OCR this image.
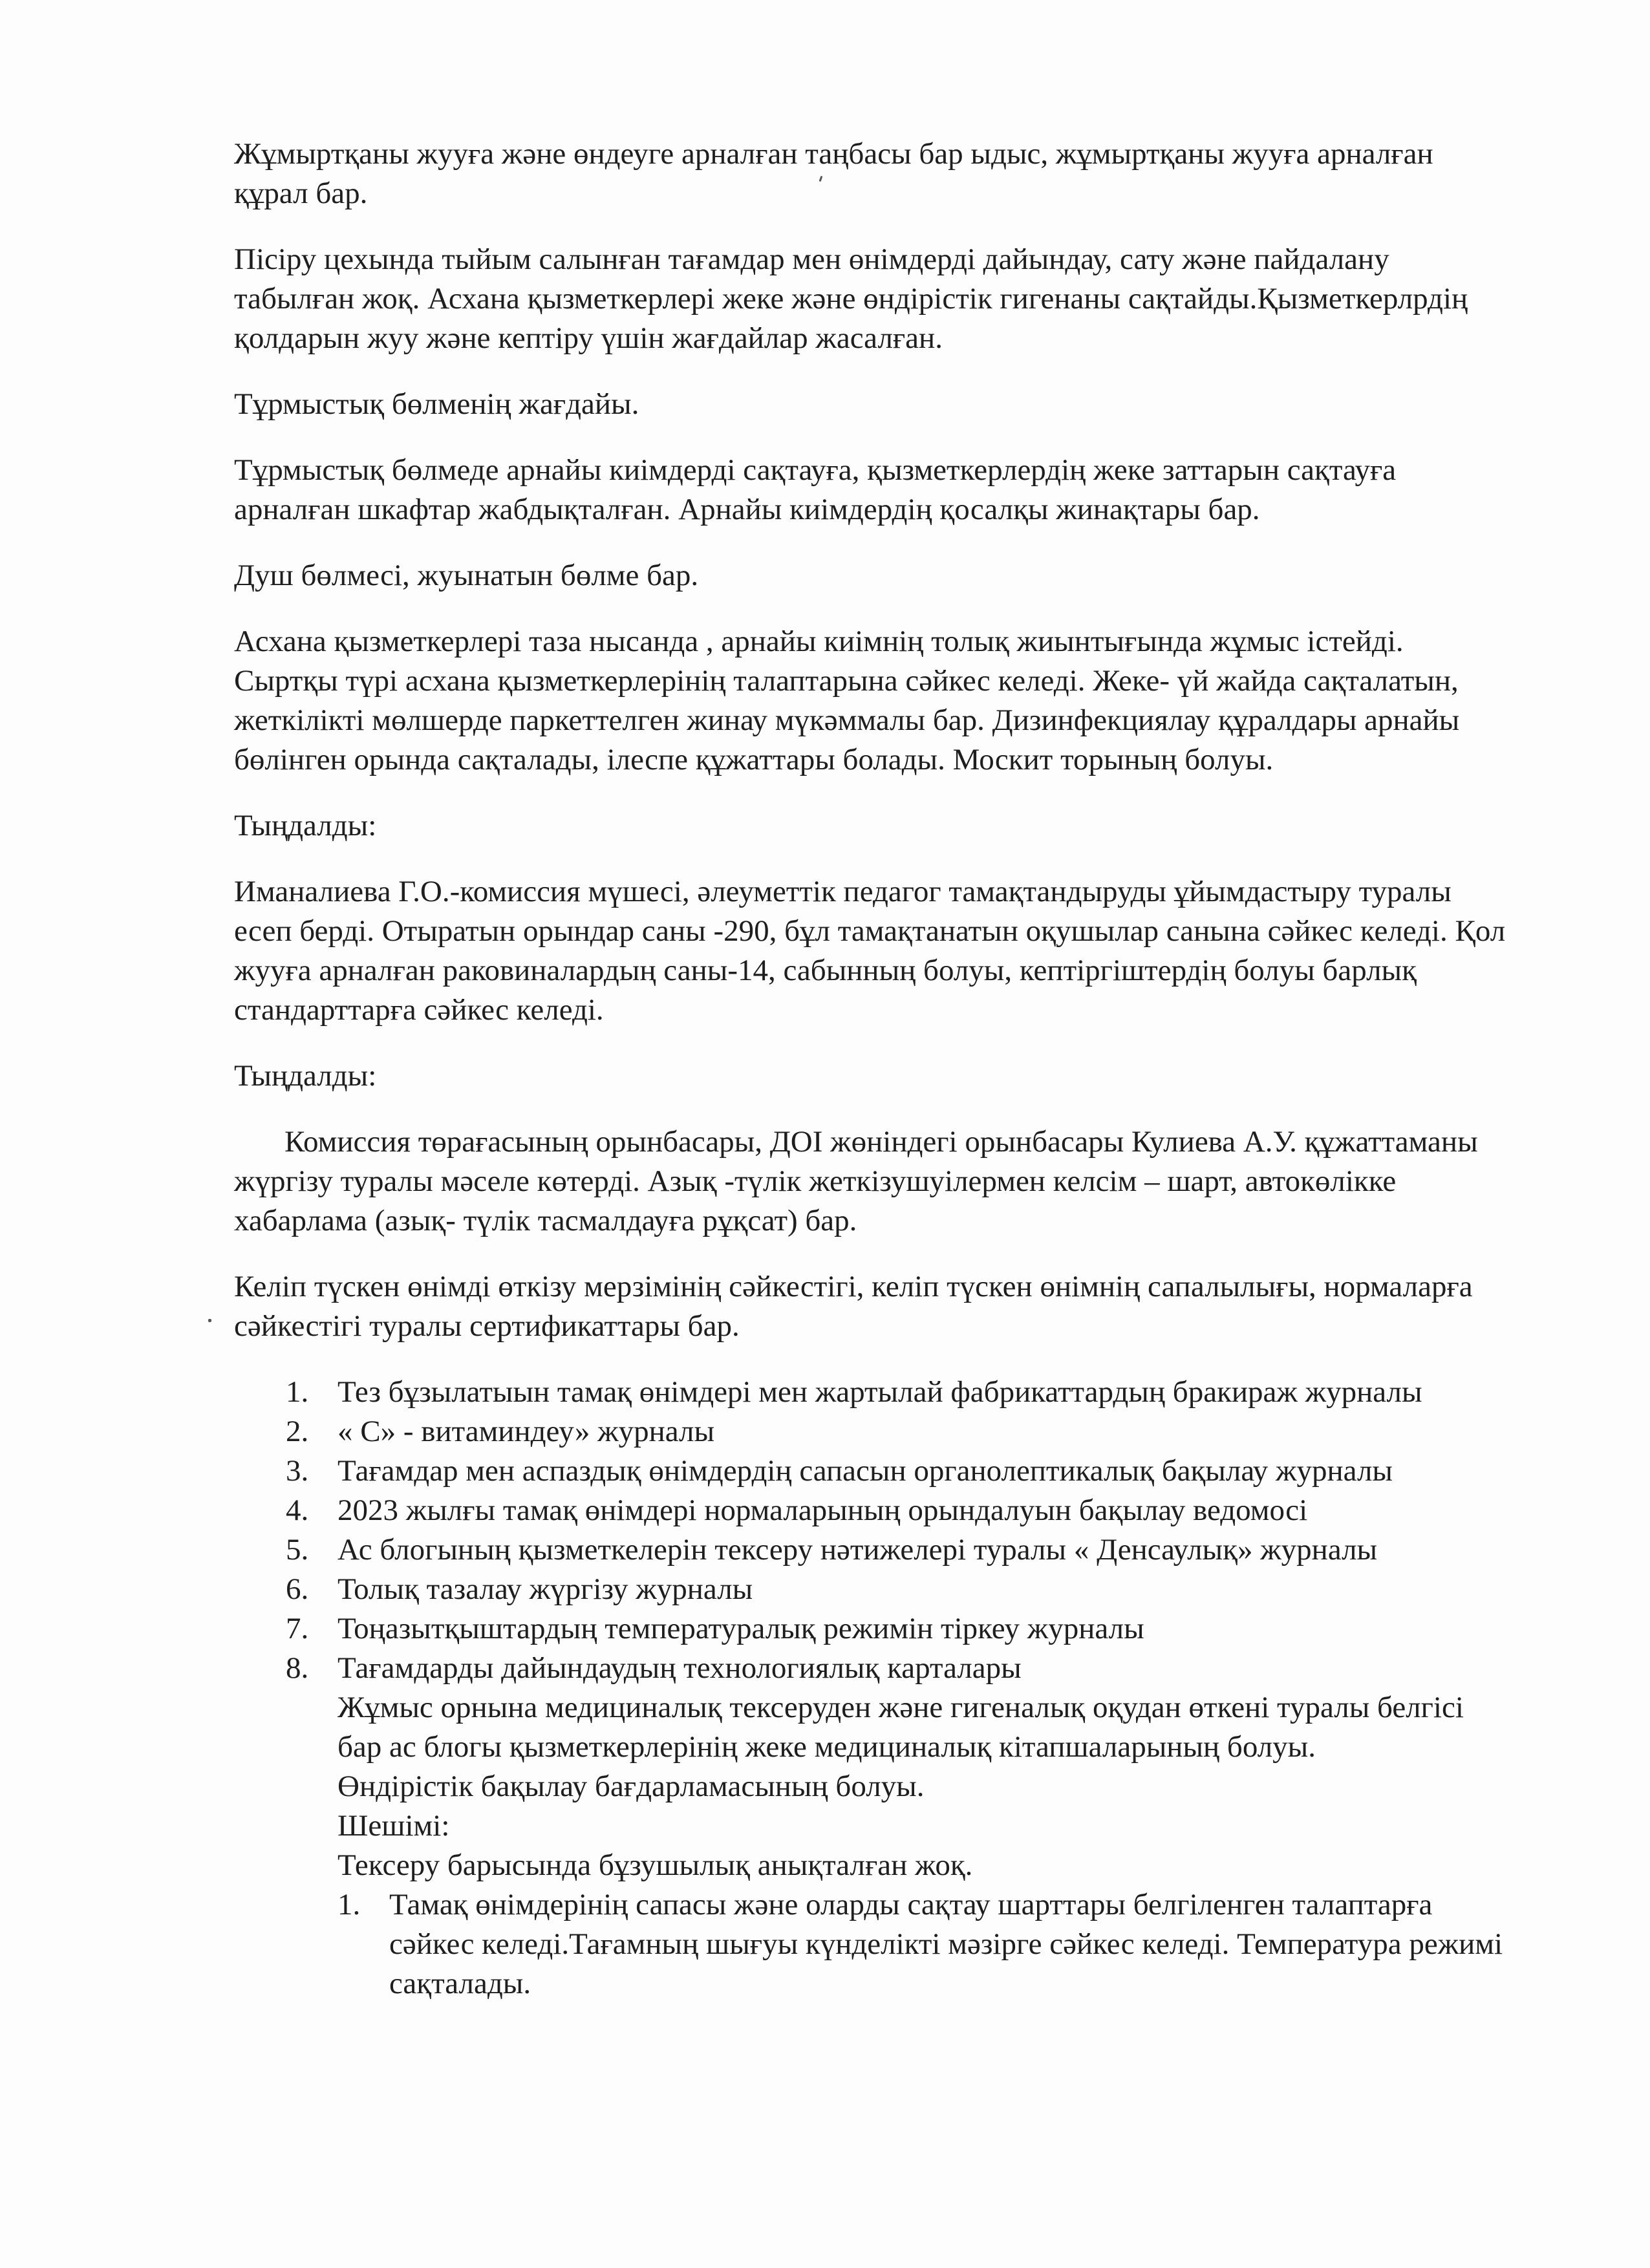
Жұмыртқаны жууға және өндеуге арналған таңбасы бар ыдыс, жұмыртқаны жууға арналған құрал бар.

Пісіру цехында тыйым салынған тағамдар мен өнімдерді дайындау, сату және пайдалану табылған жоқ. Асхана қызметкерлері жеке және өндірістік гигенаны сақтайды.Қызметкерлрдің қолдарын жуу және кептіру үшін жағдайлар жасалған.

Тұрмыстық бөлменің жағдайы.

Тұрмыстық бөлмеде арнайы киімдерді сақтауға, қызметкерлердің жеке заттарын сақтауға арналған шкафтар жабдықталған. Арнайы киімдердің қосалқы жинақтары бар.

Душ бөлмесі, жуынатын бөлме бар.

Асхана қызметкерлері таза нысанда , арнайы киімнің толық жиынтығында жұмыс істейді. Сыртқы түрі асхана қызметкерлерінің талаптарына сәйкес келеді. Жеке- үй жайда сақталатын, жеткілікті мөлшерде паркеттелген жинау мүкәммалы бар. Дизинфекциялау құралдары арнайы бөлінген орында сақталады, ілеспе құжаттары болады. Москит торының болуы.

Тыңдалды:

Иманалиева Г.О.-комиссия мүшесі, әлеуметтік педагог тамақтандыруды ұйымдастыру туралы есеп берді. Отыратын орындар саны -290, бұл тамақтанатын оқушылар санына сәйкес келеді. Қол жууға арналған раковиналардың саны-14, сабынның болуы, кептіргіштердің болуы барлық стандарттарға сәйкес келеді.

Тыңдалды:

Комиссия төрағасының орынбасары, ДОІ жөніндегі орынбасары Кулиева А.У. құжаттаманы жүргізу туралы мәселе көтерді. Азық -түлік жеткізушуілермен келсім – шарт, автокөлікке хабарлама (азық- түлік тасмалдауға рұқсат) бар.

Келіп түскен өнімді өткізу мерзімінің сәйкестігі, келіп түскен өнімнің сапалылығы, нормаларға сәйкестігі туралы сертификаттары бар.

1. Тез бұзылатыын тамақ өнімдері мен жартылай фабрикаттардың бракираж журналы
2. « С» - витаминдеу» журналы
3. Тағамдар мен аспаздық өнімдердің сапасын органолептикалық бақылау журналы
4. 2023 жылғы тамақ өнімдері нормаларының орындалуын бақылау ведомосі
5. Ас блогының қызметкелерін тексеру нәтижелері туралы « Денсаулық» журналы
6. Толық тазалау жүргізу журналы
7. Тоңазытқыштардың температуралық режимін тіркеу журналы
8. Тағамдарды дайындаудың технологиялық карталары

Жұмыс орнына медициналық тексеруден және гигеналық оқудан өткені туралы белгісі бар ас блогы қызметкерлерінің жеке медициналық кітапшаларының болуы.

Өндірістік бақылау бағдарламасының болуы.

Шешімі:

Тексеру барысында бұзушылық анықталған жоқ.

1. Тамақ өнімдерінің сапасы және оларды сақтау шарттары белгіленген талаптарға сәйкес келеді.Тағамның шығуы күнделікті мәзірге сәйкес келеді. Температура режимі сақталады.
